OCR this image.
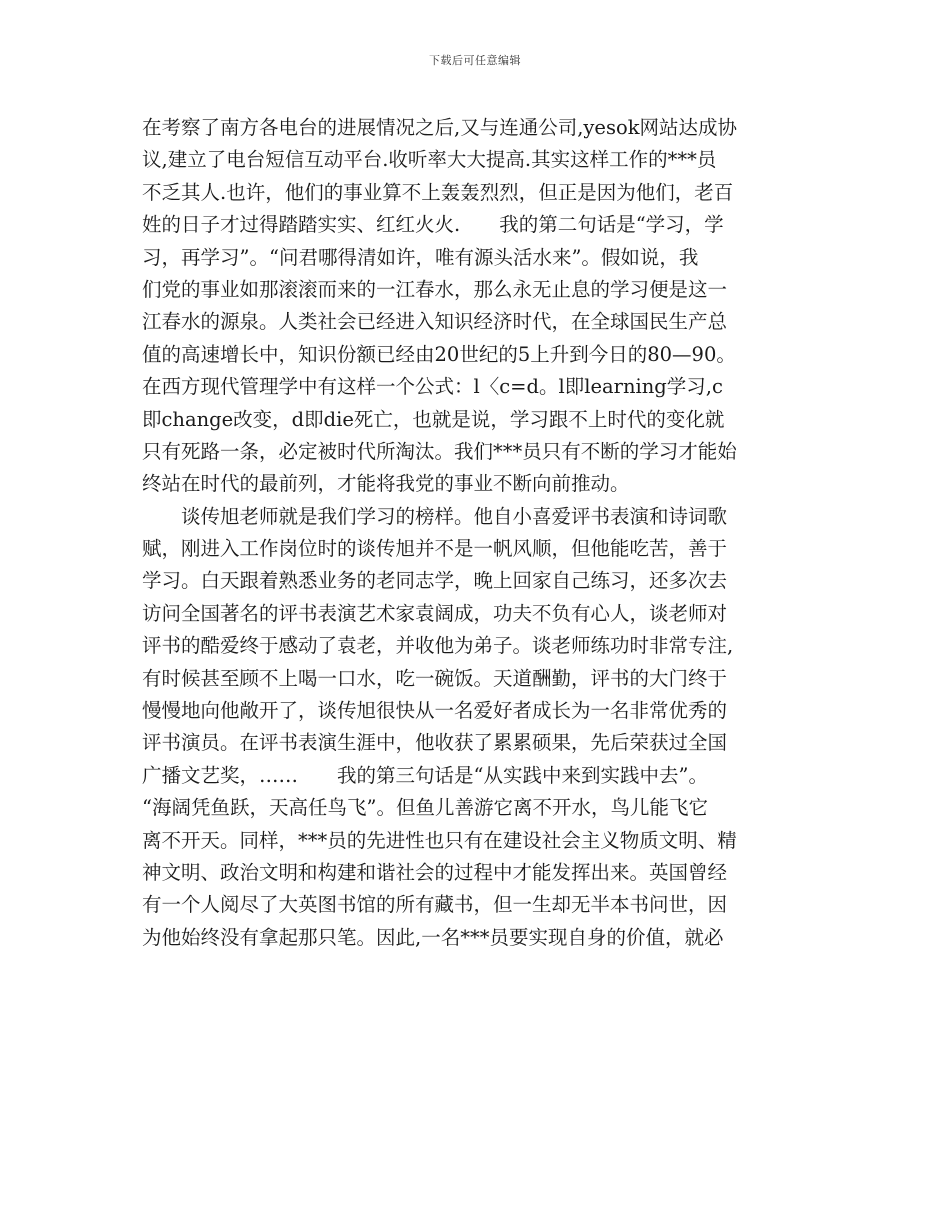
下载后可任意编辑
在考察了南方各电台的进展情况之后,又与连通公司,yesok网站达成协
议,建立了电台短信互动平台.收听率大大提高.其实这样工作的***员
不乏其人.也许，他们的事业算不上轰轰烈烈，但正是因为他们，老百
姓的日子才过得踏踏实实、红红火火.　　我的第二句话是“学习，学
习，再学习”。“问君哪得清如许，唯有源头活水来”。假如说，我
们党的事业如那滚滚而来的一江春水，那么永无止息的学习便是这一
江春水的源泉。人类社会已经进入知识经济时代，在全球国民生产总
值的高速增长中，知识份额已经由20世纪的5上升到今日的80—90。
在西方现代管理学中有这样一个公式：l〈c=d。l即learning学习,c
即change改变，d即die死亡，也就是说，学习跟不上时代的变化就
只有死路一条，必定被时代所淘汰。我们***员只有不断的学习才能始
终站在时代的最前列，才能将我党的事业不断向前推动。
谈传旭老师就是我们学习的榜样。他自小喜爱评书表演和诗词歌
赋，刚进入工作岗位时的谈传旭并不是一帆风顺，但他能吃苦，善于
学习。白天跟着熟悉业务的老同志学，晚上回家自己练习，还多次去
访问全国著名的评书表演艺术家袁阔成，功夫不负有心人，谈老师对
评书的酷爱终于感动了袁老，并收他为弟子。谈老师练功时非常专注,
有时候甚至顾不上喝一口水，吃一碗饭。天道酬勤，评书的大门终于
慢慢地向他敞开了，谈传旭很快从一名爱好者成长为一名非常优秀的
评书演员。在评书表演生涯中，他收获了累累硕果，先后荣获过全国
广播文艺奖，……　　我的第三句话是“从实践中来到实践中去”。
“海阔凭鱼跃，天高任鸟飞”。但鱼儿善游它离不开水，鸟儿能飞它
离不开天。同样，***员的先进性也只有在建设社会主义物质文明、精
神文明、政治文明和构建和谐社会的过程中才能发挥出来。英国曾经
有一个人阅尽了大英图书馆的所有藏书，但一生却无半本书问世，因
为他始终没有拿起那只笔。因此,一名***员要实现自身的价值，就必
